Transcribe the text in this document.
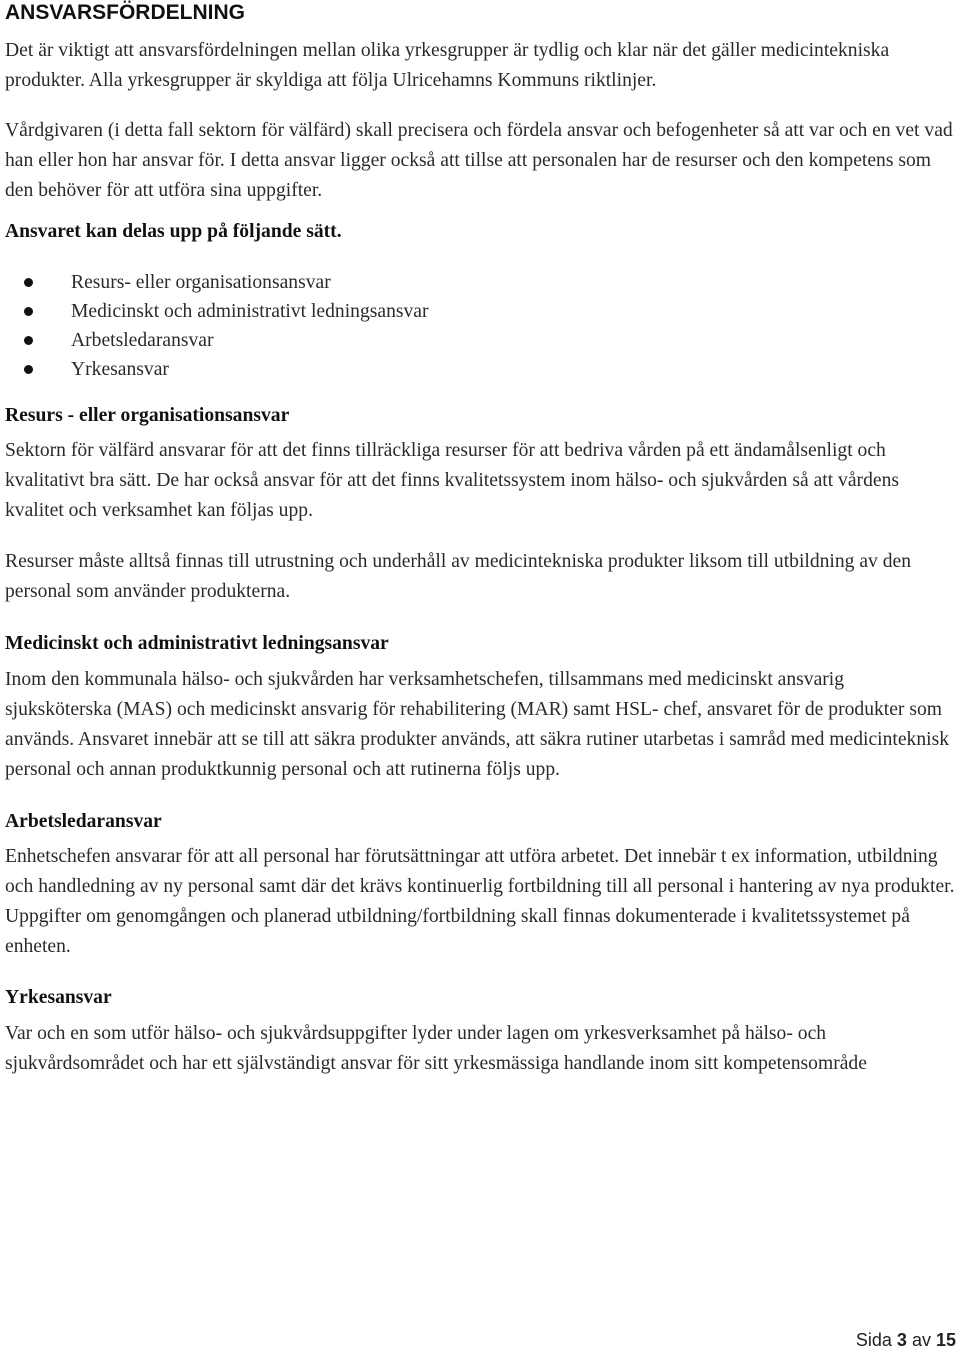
ANSVARSFÖRDELNING

Det är viktigt att ansvarsfördelningen mellan olika yrkesgrupper är tydlig och klar när det gäller medicintekniska produkter. Alla yrkesgrupper är skyldiga att följa Ulricehamns Kommuns riktlinjer.

Vårdgivaren (i detta fall sektorn för välfärd) skall precisera och fördela ansvar och befogenheter så att var och en vet vad han eller hon har ansvar för. I detta ansvar ligger också att tillse att personalen har de resurser och den kompetens som den behöver för att utföra sina uppgifter.

Ansvaret kan delas upp på följande sätt.

Resurs- eller organisationsansvar
Medicinskt och administrativt ledningsansvar
Arbetsledaransvar
Yrkesansvar
Resurs - eller organisationsansvar

Sektorn för välfärd ansvarar för att det finns tillräckliga resurser för att bedriva vården på ett ändamålsenligt och kvalitativt bra sätt. De har också ansvar för att det finns kvalitetssystem inom hälso- och sjukvården så att vårdens kvalitet och verksamhet kan följas upp.

Resurser måste alltså finnas till utrustning och underhåll av medicintekniska produkter liksom till utbildning av den personal som använder produkterna.

Medicinskt och administrativt ledningsansvar

Inom den kommunala hälso- och sjukvården har verksamhetschefen, tillsammans med medicinskt ansvarig sjuksköterska (MAS) och medicinskt ansvarig för rehabilitering (MAR) samt HSL- chef, ansvaret för de produkter som används. Ansvaret innebär att se till att säkra produkter används, att säkra rutiner utarbetas i samråd med medicinteknisk personal och annan produktkunnig personal och att rutinerna följs upp.

Arbetsledaransvar

Enhetschefen ansvarar för att all personal har förutsättningar att utföra arbetet. Det innebär t ex information, utbildning och handledning av ny personal samt där det krävs kontinuerlig fortbildning till all personal i hantering av nya produkter. Uppgifter om genomgången och planerad utbildning/fortbildning skall finnas dokumenterade i kvalitetssystemet på enheten.

Yrkesansvar

Var och en som utför hälso- och sjukvårdsuppgifter lyder under lagen om yrkesverksamhet på hälso- och sjukvårdsområdet och har ett självständigt ansvar för sitt yrkesmässiga handlande inom sitt kompetensområde

Sida 3 av 15
